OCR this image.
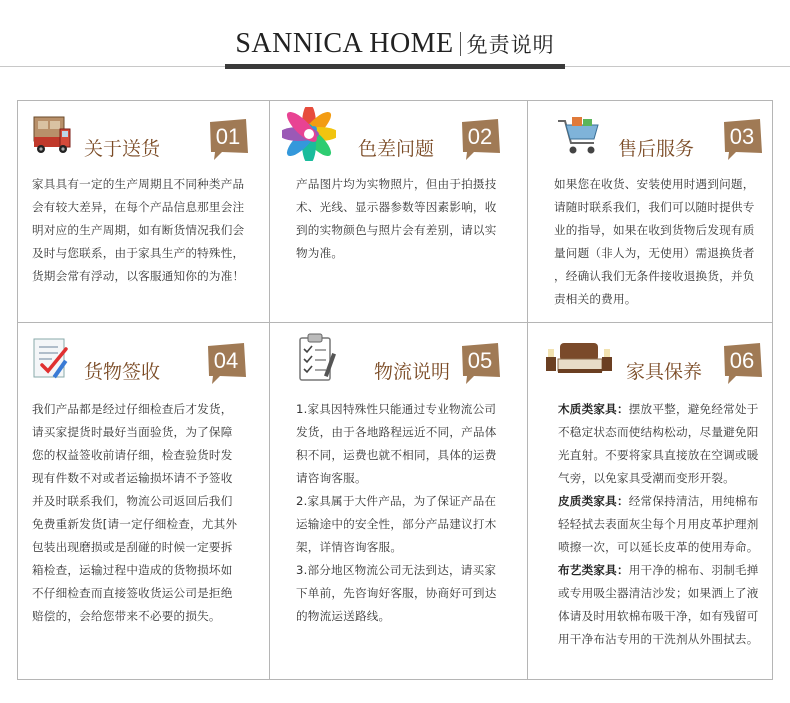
SANNICA HOME 免责说明
关于送货	01

家具具有一定的生产周期且不同种类产品

会有较大差异，在每个产品信息那里会注

明对应的生产周期，如有断货情况我们会

及时与您联系，由于家具生产的特殊性，

货期会常有浮动，以客服通知你的为准！

色差问题	02

产品图片均为实物照片，但由于拍摄技

术、光线、显示器参数等因素影响，收

到的实物颜色与照片会有差别，请以实

物为准。

售后服务	03

如果您在收货、安装使用时遇到问题，

请随时联系我们，我们可以随时提供专

业的指导，如果在收到货物后发现有质

量问题（非人为，无使用）需退换货者

，经确认我们无条件接收退换货，并负

责相关的费用。

货物签收	04

我们产品都是经过仔细检查后才发货，

请买家提货时最好当面验货，为了保障

您的权益签收前请仔细，检查验货时发

现有件数不对或者运输损坏请不予签收

并及时联系我们，物流公司返回后我们

免费重新发货[请一定仔细检查，尤其外

包装出现磨损或是刮碰的时候一定要拆

箱检查，运输过程中造成的货物损坏如

不仔细检查而直接签收货运公司是拒绝

赔偿的，会给您带来不必要的损失。

物流说明 05

1.家具因特殊性只能通过专业物流公司

发货，由于各地路程远近不同，产品体

积不同，运费也就不相同，具体的运费

请咨询客服。

2.家具属于大件产品，为了保证产品在

运输途中的安全性，部分产品建议打木

架，详情咨询客服。

3.部分地区物流公司无法到达，请买家

下单前，先咨询好客服，协商好可到达

的物流运送路线。

家具保养	06

木质类家具：摆放平整，避免经常处于

不稳定状态而使结构松动，尽量避免阳

光直射。不要将家具直接放在空调或暖

气旁，以免家具受潮而变形开裂。

皮质类家具：经常保持清洁，用纯棉布

轻轻拭去表面灰尘每个月用皮革护理剂

喷擦一次，可以延长皮革的使用寿命。

布艺类家具：用干净的棉布、羽制毛掸

或专用吸尘器清洁沙发；如果洒上了液

体请及时用软棉布吸干净，如有残留可

用干净布沾专用的干洗剂从外围拭去。
